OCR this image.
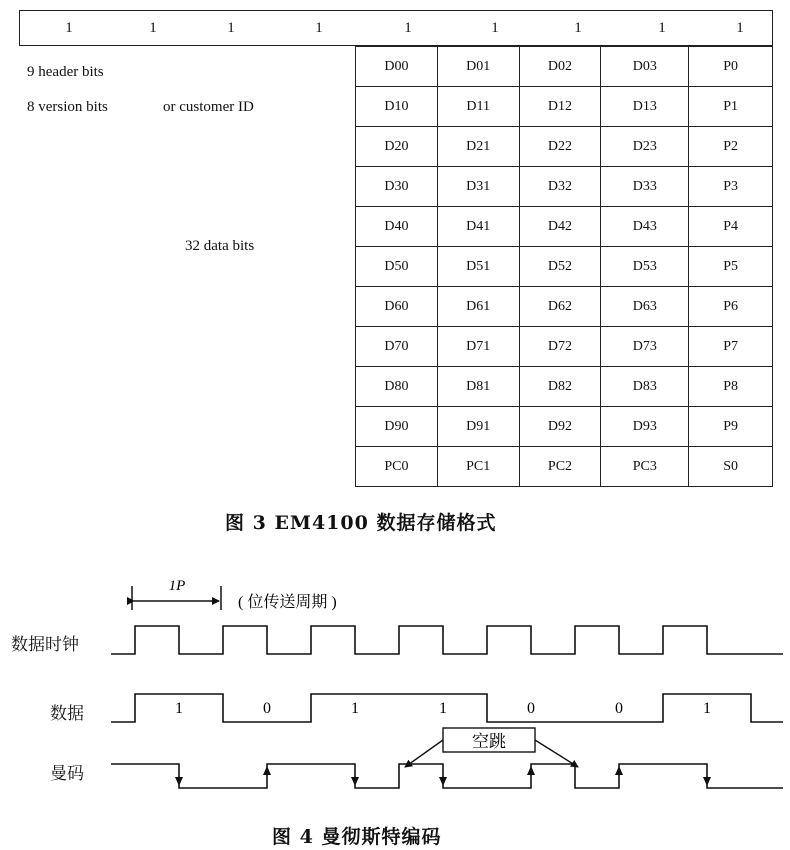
1	1	1	1	1	1	1	1	1
9 header bits
8 version bits	or customer ID
32 data bits
D00	D01	D02	D03	P0
D10	D11	D12	D13	P1
D20	D21	D22	D23	P2
D30	D31	D32	D33	P3
D40	D41	D42	D43	P4
D50	D51	D52	D53	P5
D60	D61	D62	D63	P6
D70	D71	D72	D73	P7
D80	D81	D82	D83	P8
D90	D91	D92	D93	P9
PC0	PC1	PC2	PC3	S0
图 3 EM4100 数据存储格式
数据时钟
数据
曼码
1P
( 位传送周期 )
1	0	1	1	0	0	1
空跳
图 4 曼彻斯特编码
